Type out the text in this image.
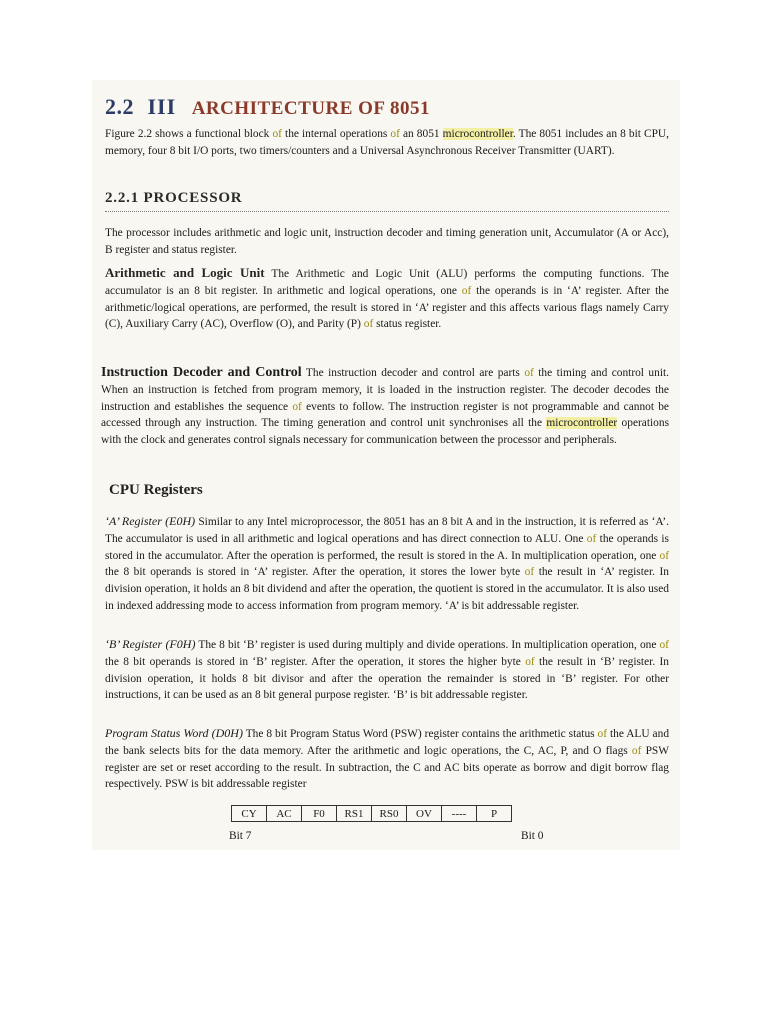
2.2 III ARCHITECTURE OF 8051

Figure 2.2 shows a functional block of the internal operations of an 8051 microcontroller. The 8051 includes an 8 bit CPU, memory, four 8 bit I/O ports, two timers/counters and a Universal Asynchronous Receiver Transmitter (UART).

2.2.1 PROCESSOR

The processor includes arithmetic and logic unit, instruction decoder and timing generation unit, Accumulator (A or Acc), B register and status register.

Arithmetic and Logic Unit The Arithmetic and Logic Unit (ALU) performs the computing functions. The accumulator is an 8 bit register. In arithmetic and logical operations, one of the operands is in ‘A’ register. After the arithmetic/logical operations, are performed, the result is stored in ‘A’ register and this affects various flags namely Carry (C), Auxiliary Carry (AC), Overflow (O), and Parity (P) of status register.

Instruction Decoder and Control The instruction decoder and control are parts of the timing and control unit. When an instruction is fetched from program memory, it is loaded in the instruction register. The decoder decodes the instruction and establishes the sequence of events to follow. The instruction register is not programmable and cannot be accessed through any instruction. The timing generation and control unit synchronises all the microcontroller operations with the clock and generates control signals necessary for communication between the processor and peripherals.

CPU Registers

‘A’ Register (E0H) Similar to any Intel microprocessor, the 8051 has an 8 bit A and in the instruction, it is referred as ‘A’. The accumulator is used in all arithmetic and logical operations and has direct connection to ALU. One of the operands is stored in the accumulator. After the operation is performed, the result is stored in the A. In multiplication operation, one of the 8 bit operands is stored in ‘A’ register. After the operation, it stores the lower byte of the result in ‘A’ register. In division operation, it holds an 8 bit dividend and after the operation, the quotient is stored in the accumulator. It is also used in indexed addressing mode to access information from program memory. ‘A’ is bit addressable register.

‘B’ Register (F0H) The 8 bit ‘B’ register is used during multiply and divide operations. In multiplication operation, one of the 8 bit operands is stored in ‘B’ register. After the operation, it stores the higher byte of the result in ‘B’ register. In division operation, it holds 8 bit divisor and after the operation the remainder is stored in ‘B’ register. For other instructions, it can be used as an 8 bit general purpose register. ‘B’ is bit addressable register.

Program Status Word (D0H) The 8 bit Program Status Word (PSW) register contains the arithmetic status of the ALU and the bank selects bits for the data memory. After the arithmetic and logic operations, the C, AC, P, and O flags of PSW register are set or reset according to the result. In subtraction, the C and AC bits operate as borrow and digit borrow flag respectively. PSW is bit addressable register

CY	AC	F0	RS1	RS0	OV	----	P
Bit 7	Bit 0
